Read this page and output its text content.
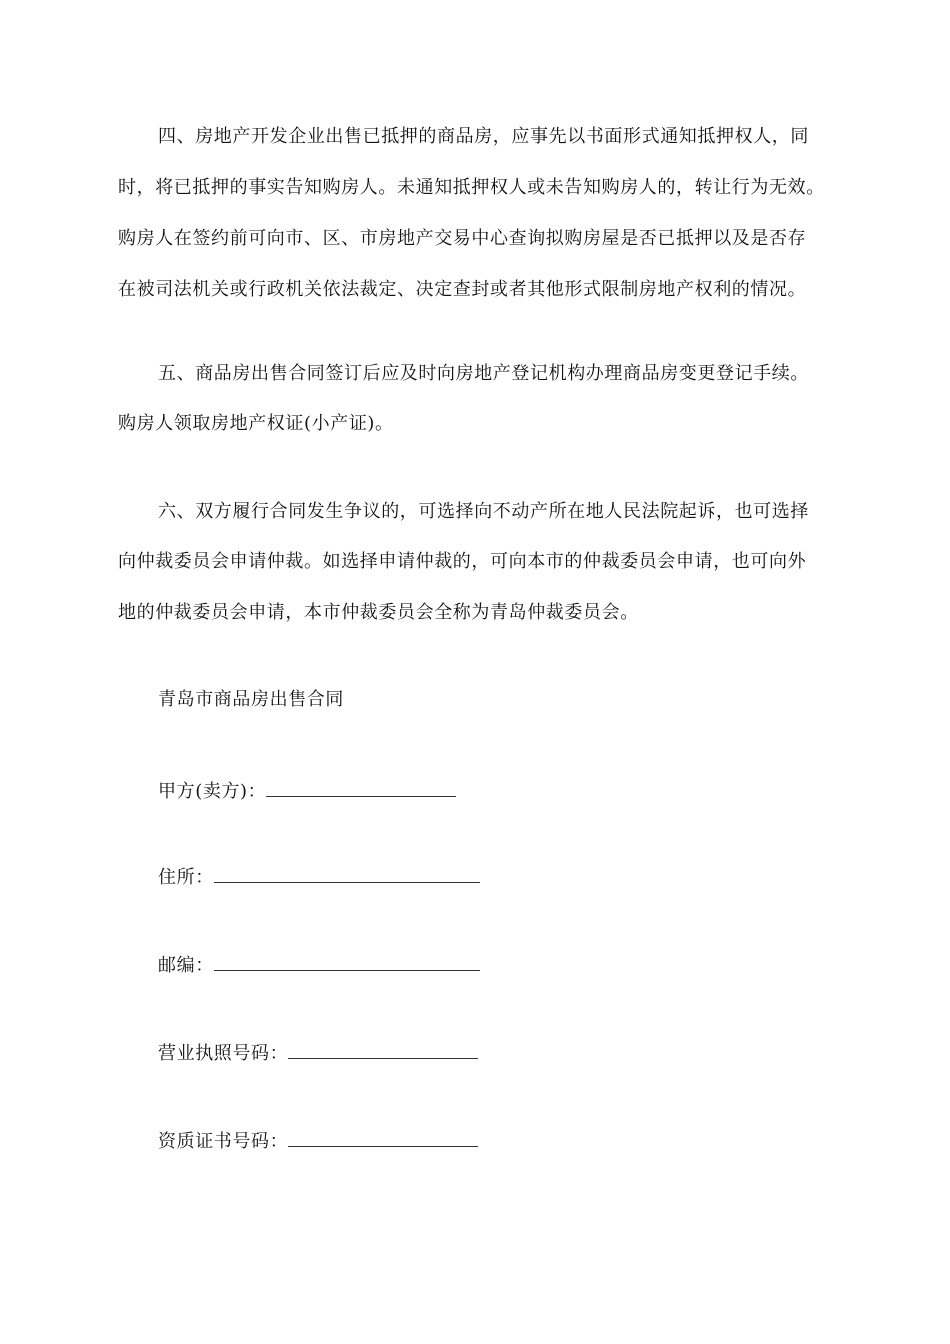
四、房地产开发企业出售已抵押的商品房，应事先以书面形式通知抵押权人，同
时，将已抵押的事实告知购房人。未通知抵押权人或未告知购房人的，转让行为无效。
购房人在签约前可向市、区、市房地产交易中心查询拟购房屋是否已抵押以及是否存
在被司法机关或行政机关依法裁定、决定查封或者其他形式限制房地产权利的情况。
五、商品房出售合同签订后应及时向房地产登记机构办理商品房变更登记手续。
购房人领取房地产权证(小产证)。
六、双方履行合同发生争议的，可选择向不动产所在地人民法院起诉，也可选择
向仲裁委员会申请仲裁。如选择申请仲裁的，可向本市的仲裁委员会申请，也可向外
地的仲裁委员会申请，本市仲裁委员会全称为青岛仲裁委员会。
青岛市商品房出售合同
甲方(卖方)：
住所：
邮编：
营业执照号码：
资质证书号码：
